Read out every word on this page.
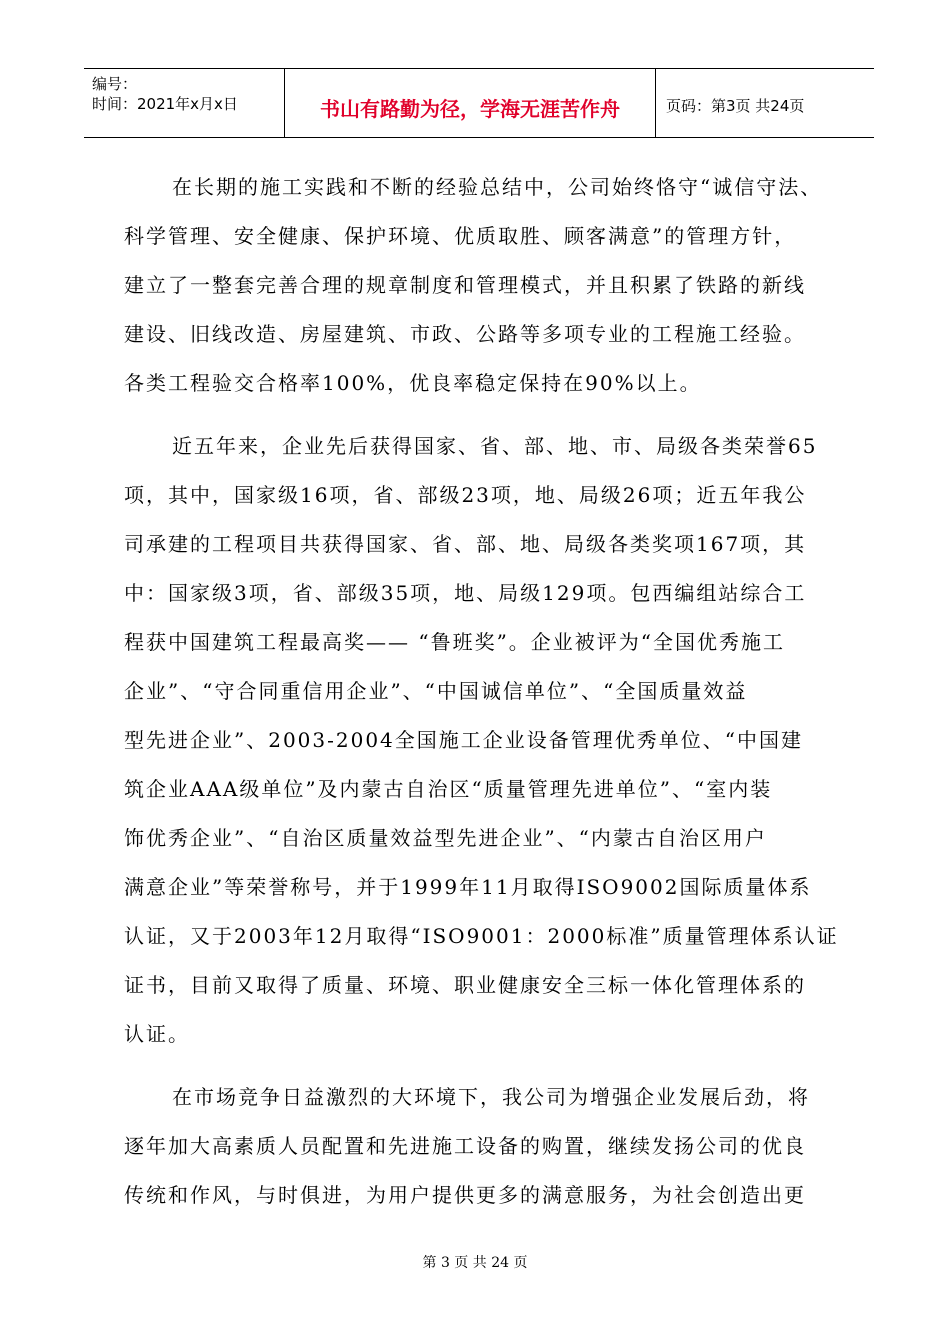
编号：
时间：2021年x月x日	书山有路勤为径，学海无涯苦作舟	页码：第3页 共24页

在长期的施工实践和不断的经验总结中，公司始终恪守“诚信守法、
科学管理、安全健康、保护环境、优质取胜、顾客满意”的管理方针，
建立了一整套完善合理的规章制度和管理模式，并且积累了铁路的新线
建设、旧线改造、房屋建筑、市政、公路等多项专业的工程施工经验。
各类工程验交合格率100%，优良率稳定保持在90%以上。

近五年来，企业先后获得国家、省、部、地、市、局级各类荣誉65
项，其中，国家级16项，省、部级23项，地、局级26项；近五年我公
司承建的工程项目共获得国家、省、部、地、局级各类奖项167项，其
中：国家级3项，省、部级35项，地、局级129项。包西编组站综合工
程获中国建筑工程最高奖—— “鲁班奖”。企业被评为“全国优秀施工
企业”、“守合同重信用企业”、“中国诚信单位”、“全国质量效益
型先进企业”、2003-2004全国施工企业设备管理优秀单位、“中国建
筑企业AAA级单位”及内蒙古自治区“质量管理先进单位”、“室内装
饰优秀企业”、“自治区质量效益型先进企业”、“内蒙古自治区用户
满意企业”等荣誉称号，并于1999年11月取得ISO9002国际质量体系
认证，又于2003年12月取得“ISO9001：2000标准”质量管理体系认证
证书，目前又取得了质量、环境、职业健康安全三标一体化管理体系的
认证。

在市场竞争日益激烈的大环境下，我公司为增强企业发展后劲，将
逐年加大高素质人员配置和先进施工设备的购置，继续发扬公司的优良
传统和作风，与时俱进，为用户提供更多的满意服务，为社会创造出更

第 3 页 共 24 页
